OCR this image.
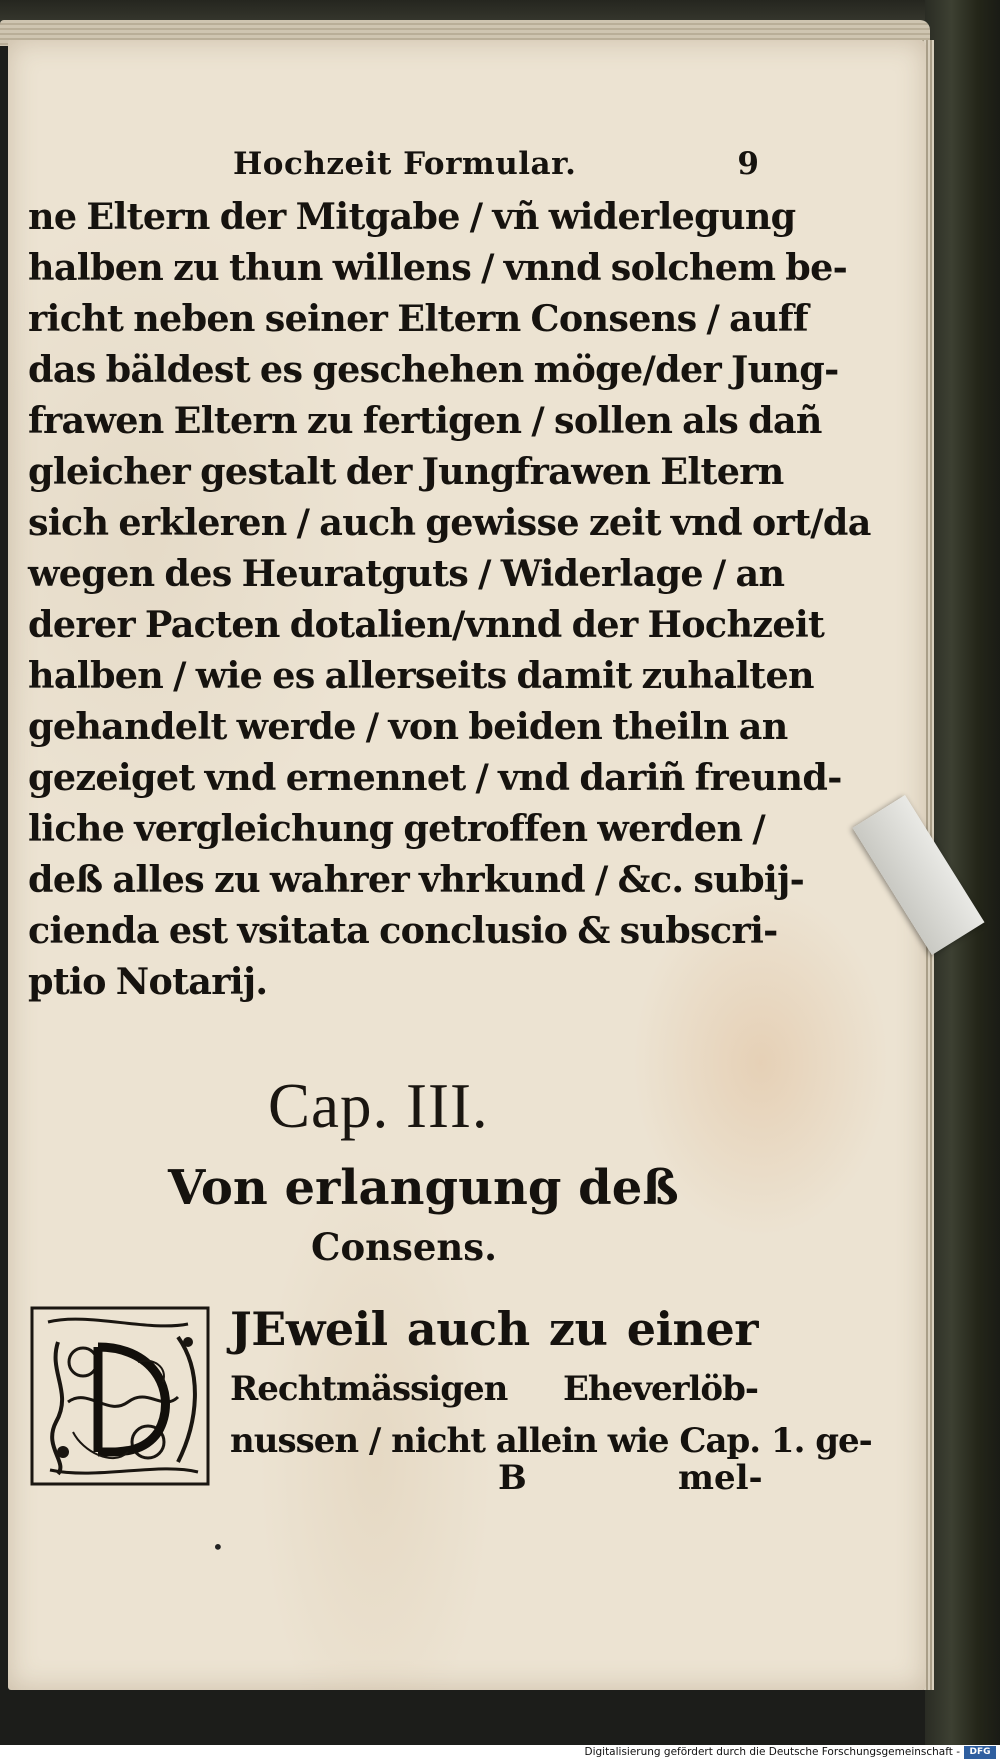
Hochzeit Formular.	9
ne Eltern der Mitgabe / vñ widerlegung
halben zu thun willens / vnnd solchem be-
richt neben seiner Eltern Consens / auff
das bäldest es geschehen möge/der Jung-
frawen Eltern zu fertigen / sollen als dañ
gleicher gestalt der Jungfrawen Eltern
sich erkleren / auch gewisse zeit vnd ort/da
wegen des Heuratguts / Widerlage / an
derer Pacten dotalien/vnnd der Hochzeit
halben / wie es allerseits damit zuhalten
gehandelt werde / von beiden theiln an
gezeiget vnd ernennet / vnd dariñ freund-
liche vergleichung getroffen werden /
deß alles zu wahrer vhrkund / &c. subij-
cienda est vsitata conclusio & subscri-
ptio Notarij.
Cap. III.
Von erlangung deß
Consens.
JEweil auch zu einer
Rechtmässigen Eheverlöb-
nussen / nicht allein wie Cap. 1. ge-
B	mel-
•
Digitalisierung gefördert durch die Deutsche Forschungsgemeinschaft -	DFG
